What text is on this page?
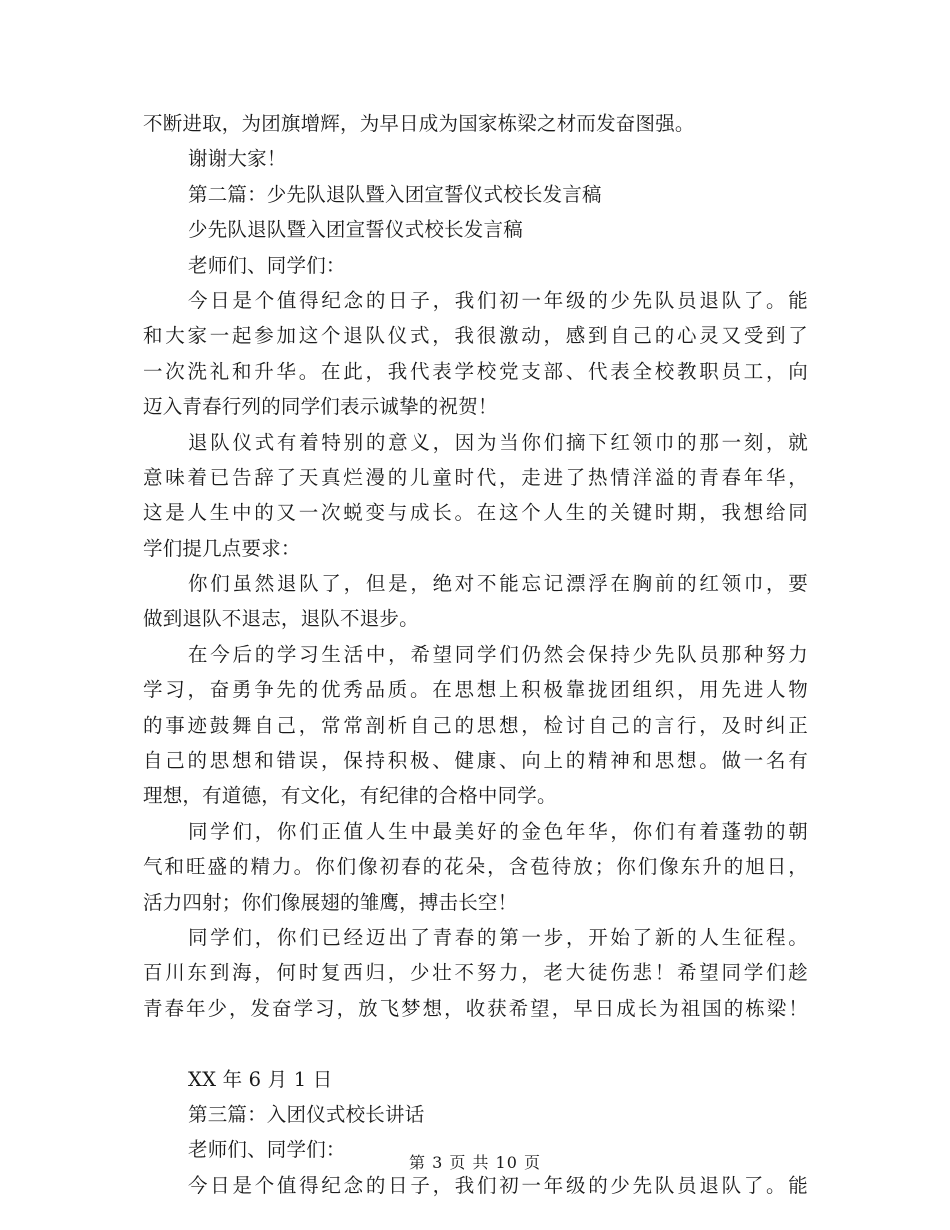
不断进取，为团旗增辉，为早日成为国家栋梁之材而发奋图强。
谢谢大家！
第二篇：少先队退队暨入团宣誓仪式校长发言稿
少先队退队暨入团宣誓仪式校长发言稿
老师们、同学们：
今日是个值得纪念的日子，我们初一年级的少先队员退队了。能
和大家一起参加这个退队仪式，我很激动，感到自己的心灵又受到了
一次洗礼和升华。在此，我代表学校党支部、代表全校教职员工，向
迈入青春行列的同学们表示诚挚的祝贺！
退队仪式有着特别的意义，因为当你们摘下红领巾的那一刻，就
意味着已告辞了天真烂漫的儿童时代，走进了热情洋溢的青春年华，
这是人生中的又一次蜕变与成长。在这个人生的关键时期，我想给同
学们提几点要求：
你们虽然退队了，但是，绝对不能忘记漂浮在胸前的红领巾，要
做到退队不退志，退队不退步。
在今后的学习生活中，希望同学们仍然会保持少先队员那种努力
学习，奋勇争先的优秀品质。在思想上积极靠拢团组织，用先进人物
的事迹鼓舞自己，常常剖析自己的思想，检讨自己的言行，及时纠正
自己的思想和错误，保持积极、健康、向上的精神和思想。做一名有
理想，有道德，有文化，有纪律的合格中同学。
同学们，你们正值人生中最美好的金色年华，你们有着蓬勃的朝
气和旺盛的精力。你们像初春的花朵，含苞待放；你们像东升的旭日，
活力四射；你们像展翅的雏鹰，搏击长空！
同学们，你们已经迈出了青春的第一步，开始了新的人生征程。
百川东到海，何时复西归，少壮不努力，老大徒伤悲！希望同学们趁
青春年少，发奋学习，放飞梦想，收获希望，早日成长为祖国的栋梁！
XX 年 6 月 1 日
第三篇：入团仪式校长讲话
老师们、同学们：
今日是个值得纪念的日子，我们初一年级的少先队员退队了。能
第 3 页 共 10 页
